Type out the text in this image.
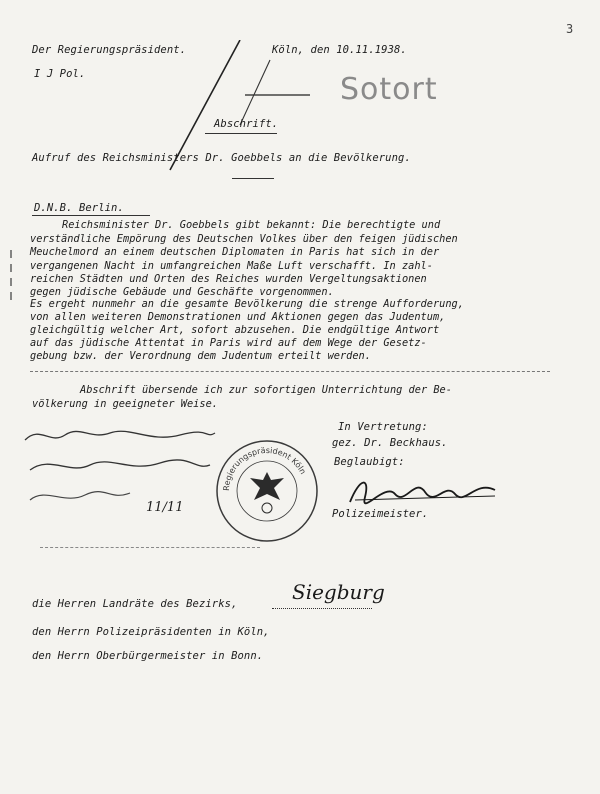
3
Der Regierungspräsident.	Köln, den 10.11.1938.
I J Pol.	Sotort
Abschrift.
Aufruf des Reichsministers Dr. Goebbels an die Bevölkerung.
D.N.B. Berlin.
Reichsminister Dr. Goebbels gibt bekannt: Die berechtigte und
verständliche Empörung des Deutschen Volkes über den feigen jüdischen
Meuchelmord an einem deutschen Diplomaten in Paris hat sich in der
vergangenen Nacht in umfangreichen Maße Luft verschafft. In zahl-
reichen Städten und Orten des Reiches wurden Vergeltungsaktionen
gegen jüdische Gebäude und Geschäfte vorgenommen.
Es ergeht nunmehr an die gesamte Bevölkerung die strenge Aufforderung,
von allen weiteren Demonstrationen und Aktionen gegen das Judentum,
gleichgültig welcher Art, sofort abzusehen. Die endgültige Antwort
auf das jüdische Attentat in Paris wird auf dem Wege der Gesetz-
gebung bzw. der Verordnung dem Judentum erteilt werden.
Abschrift übersende ich zur sofortigen Unterrichtung der Be-
völkerung in geeigneter Weise.
In Vertretung:
gez. Dr. Beckhaus.
Beglaubigt:
Polizeimeister.
Regierungspräsident Köln
11/11
die Herren Landräte des Bezirks,	Siegburg
den Herrn Polizeipräsidenten in Köln,
den Herrn Oberbürgermeister in Bonn.
